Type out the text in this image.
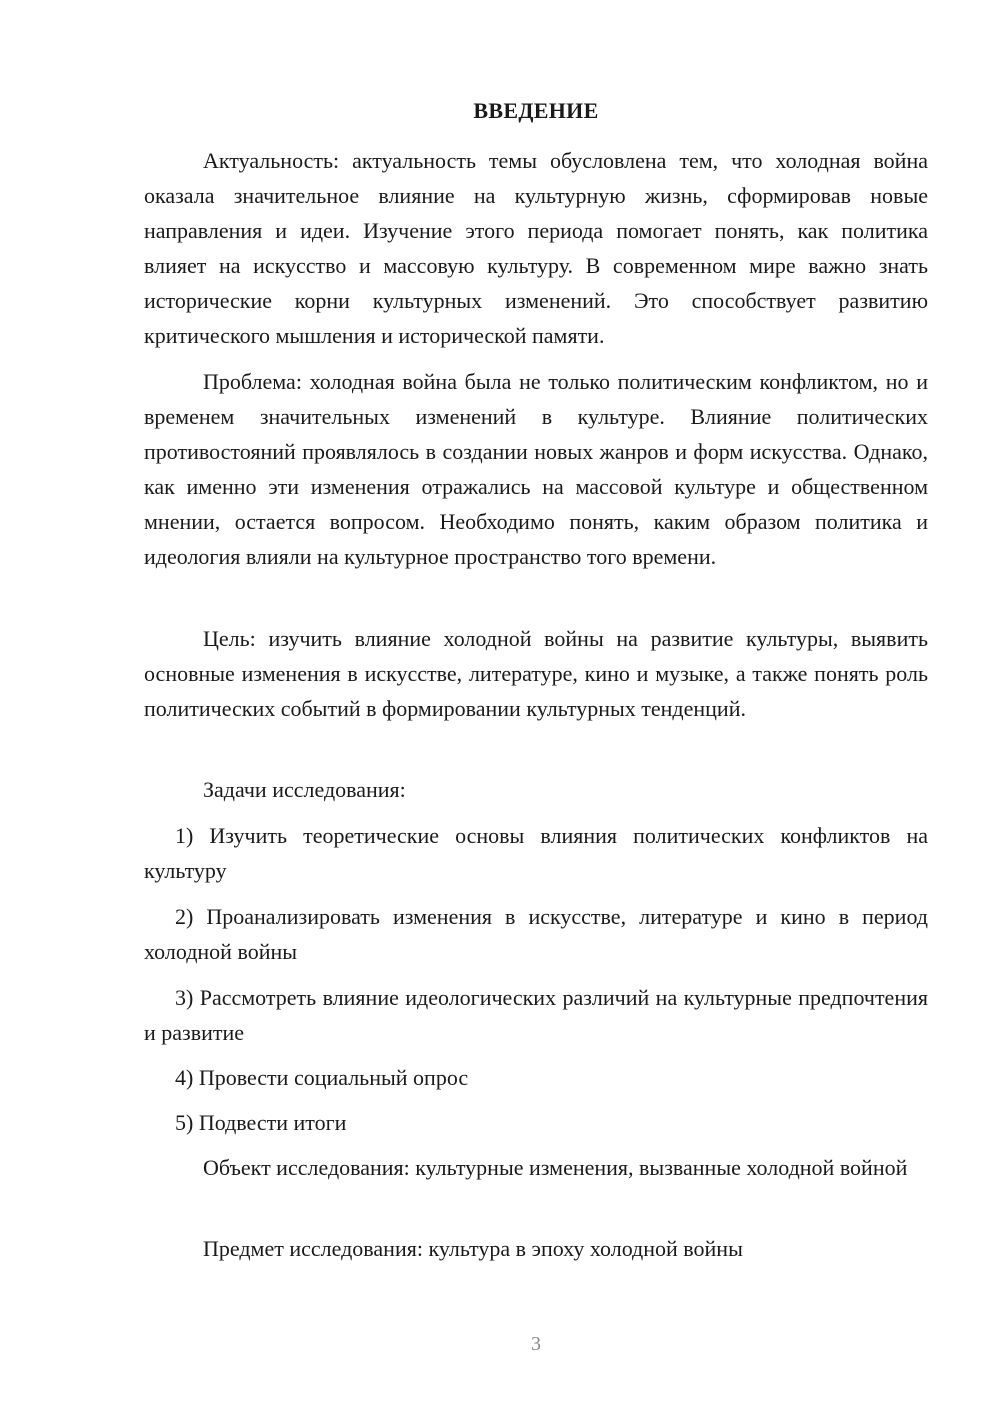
ВВЕДЕНИЕ

Актуальность: актуальность темы обусловлена тем, что холодная война оказала значительное влияние на культурную жизнь, сформировав новые направления и идеи. Изучение этого периода помогает понять, как политика влияет на искусство и массовую культуру. В современном мире важно знать исторические корни культурных изменений. Это способствует развитию критического мышления и исторической памяти.

Проблема: холодная война была не только политическим конфликтом, но и временем значительных изменений в культуре. Влияние политических противостояний проявлялось в создании новых жанров и форм искусства. Однако, как именно эти изменения отражались на массовой культуре и общественном мнении, остается вопросом. Необходимо понять, каким образом политика и идеология влияли на культурное пространство того времени.

Цель: изучить влияние холодной войны на развитие культуры, выявить основные изменения в искусстве, литературе, кино и музыке, а также понять роль политических событий в формировании культурных тенденций.

Задачи исследования:

1) Изучить теоретические основы влияния политических конфликтов на культуру

2) Проанализировать изменения в искусстве, литературе и кино в период холодной войны

3) Рассмотреть влияние идеологических различий на культурные предпочтения и развитие

4) Провести социальный опрос

5) Подвести итоги

Объект исследования: культурные изменения, вызванные холодной войной

Предмет исследования: культура в эпоху холодной войны

3
